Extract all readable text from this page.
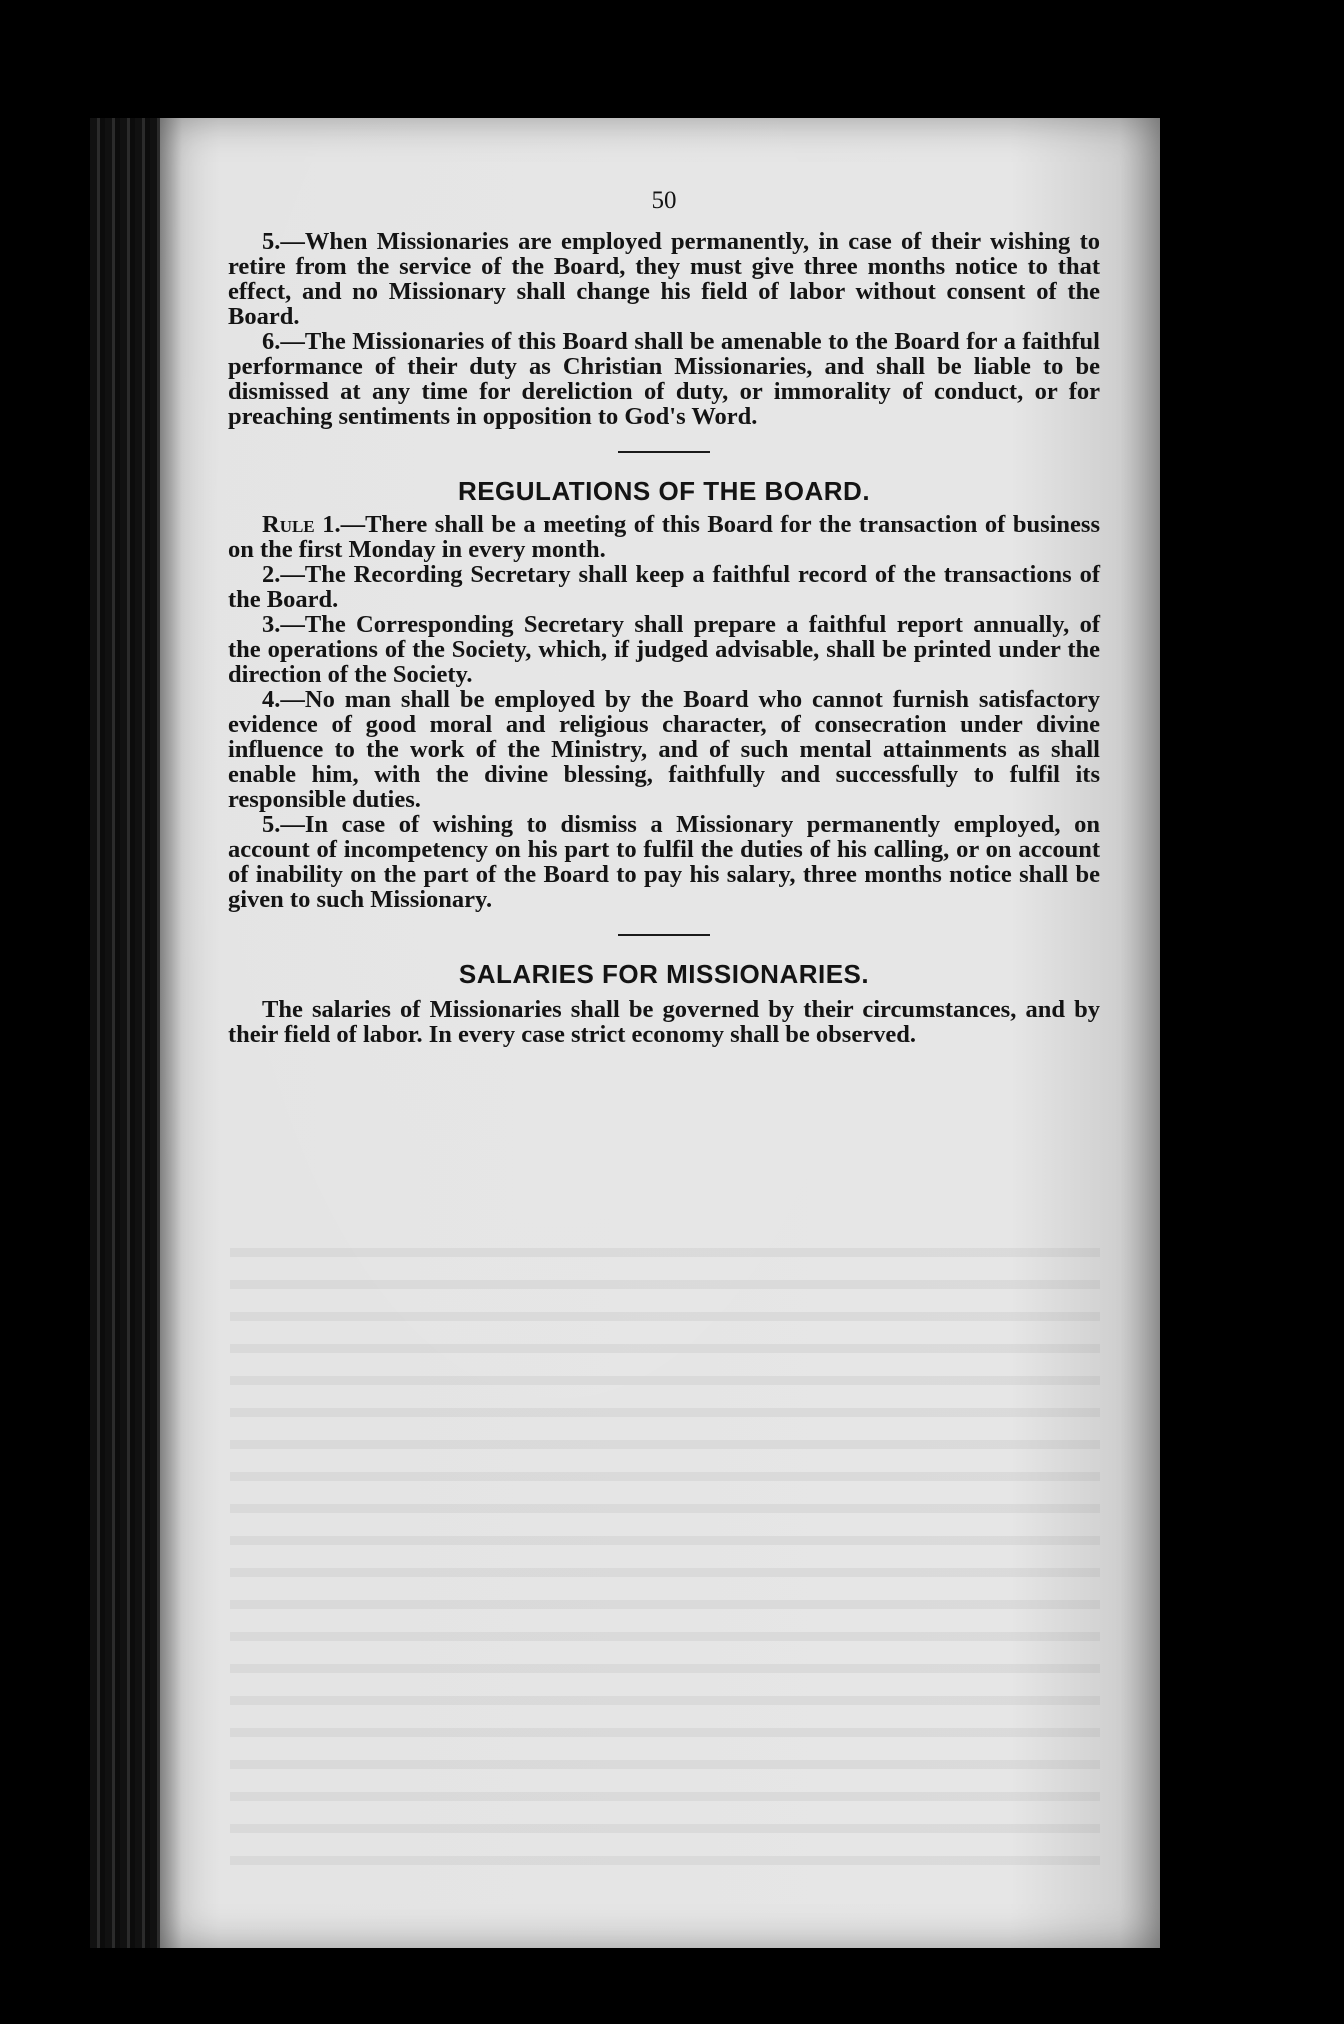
50

5.—When Missionaries are employed permanently, in case of their wishing to retire from the service of the Board, they must give three months notice to that effect, and no Missionary shall change his field of labor without consent of the Board.

6.—The Missionaries of this Board shall be amenable to the Board for a faithful performance of their duty as Christian Missionaries, and shall be liable to be dismissed at any time for dereliction of duty, or immorality of conduct, or for preaching sentiments in opposition to God's Word.

REGULATIONS OF THE BOARD.

Rule 1.—There shall be a meeting of this Board for the transaction of business on the first Monday in every month.

2.—The Recording Secretary shall keep a faithful record of the transactions of the Board.

3.—The Corresponding Secretary shall prepare a faithful report annually, of the operations of the Society, which, if judged advisable, shall be printed under the direction of the Society.

4.—No man shall be employed by the Board who cannot furnish satisfactory evidence of good moral and religious character, of consecration under divine influence to the work of the Ministry, and of such mental attainments as shall enable him, with the divine blessing, faithfully and successfully to fulfil its responsible duties.

5.—In case of wishing to dismiss a Missionary permanently employed, on account of incompetency on his part to fulfil the duties of his calling, or on account of inability on the part of the Board to pay his salary, three months notice shall be given to such Missionary.

SALARIES FOR MISSIONARIES.

The salaries of Missionaries shall be governed by their circumstances, and by their field of labor. In every case strict economy shall be observed.
